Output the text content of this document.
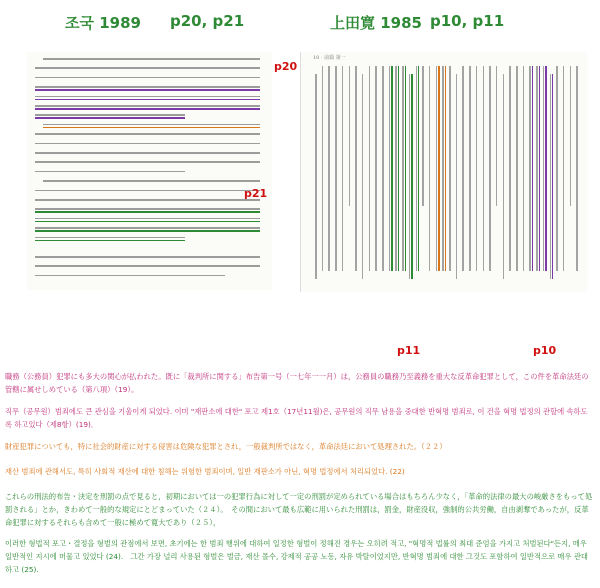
조국 1989 p20, p21	上田寛 1985 p10, p11
p20
p21
10 · 前篇 第一
p11	p10
職務（公務員）犯罪にも多大の関心が払われた。既に「裁判所に関する」布告第一号（一七年一一月）は，公務員の職務乃至義務を重大な反革命犯罪として，この件を革命法廷の管轄に属せしめている（第八項）（19）。
직무（공무원）범죄에도 큰 관심을 기울이게 되었다. 이미 "재판소에 대한" 포고 제1호（17년11월)은, 공무원의 직무 남용을 중대한 반혁명 범죄로, 이 건을 혁명 법정의 관할에 속하도록 하고있다（제8항）(19)．
財産犯罪についても，特に社会的財産に対する侵害は危険な犯罪とされ，一般裁判所ではなく，革命法廷において処理された。（２２）
재산 범죄에 관해서도, 특히 사회적 재산에 대한 침해는 위험한 범죄이며, 일반 재판소가 아닌, 혁명 법정에서 처리되었다. (22)
これらの刑法的布告・決定を刑罰の点で見ると，初期においては一の犯罪行為に対して一定の刑罰が定められている場合はもちろん少なく，「革命的法律の最大の峻厳さをもって処罰される」とか，きわめて一般的な規定にとどまっていた（２４）。　その間において最も広範に用いられた刑罰は，罰金，財産没収，強制的公共労働，自由剥奪であったが，反革命犯罪に対するそれらも含めて一般に極めて寛大であり（２５），
이러한 형법적 포고・결정을 형벌의 관점에서 보면, 초기에는 한 범죄 행위에 대하여 일정한 형벌이 정해진 경우는 오히려 적고, "혁명적 법률의 최대 준엄을 가지고 처벌된다"든지, 매우 일반적인 지시에 머물고 있었다 (24).　그간 가장 널리 사용된 형벌은 벌금, 재산 몰수, 강제적 공공 노동, 자유 박탈이었지만, 반혁명 범죄에 대한 그것도 포함하여 일반적으로 매우 관대하고 (25).
